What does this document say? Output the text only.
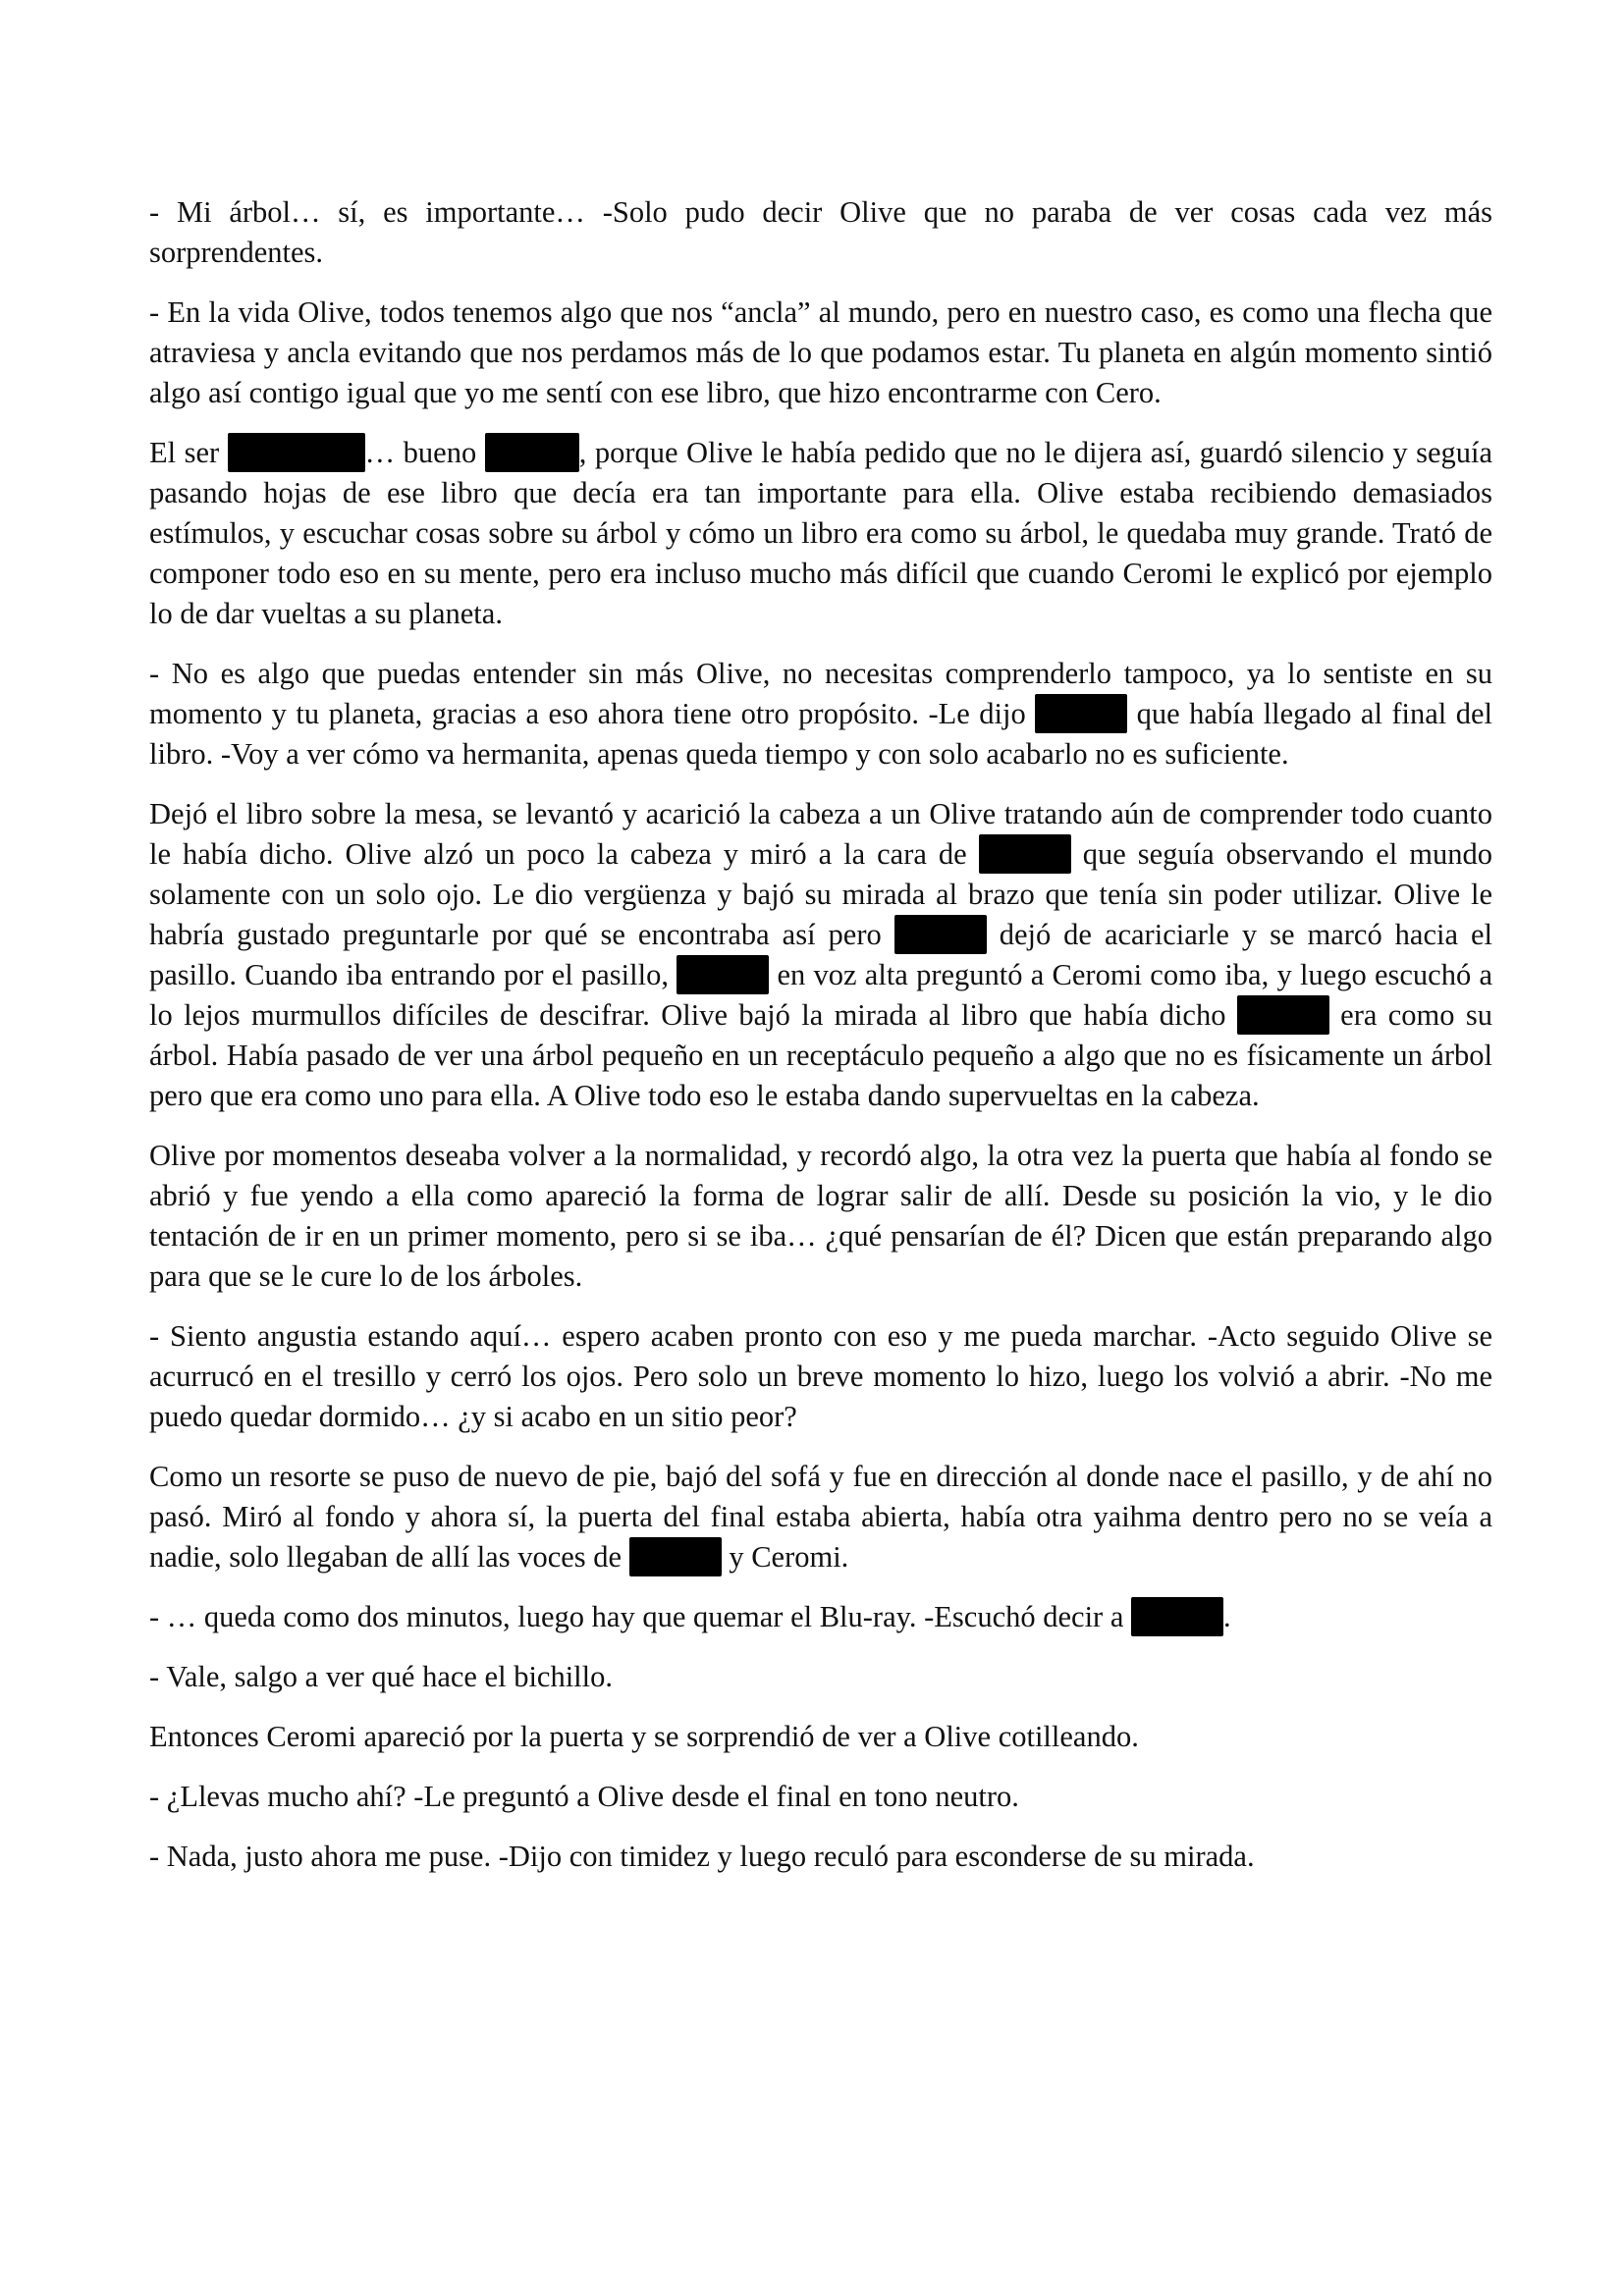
- Mi árbol… sí, es importante… -Solo pudo decir Olive que no paraba de ver cosas cada vez más sorprendentes.

- En la vida Olive, todos tenemos algo que nos “ancla” al mundo, pero en nuestro caso, es como una flecha que atraviesa y ancla evitando que nos perdamos más de lo que podamos estar. Tu planeta en algún momento sintió algo así contigo igual que yo me sentí con ese libro, que hizo encontrarme con Cero.

El ser	… bueno	, porque Olive le había pedido que no le dijera así, guardó silencio y seguía pasando hojas de ese libro que decía era tan importante para ella. Olive estaba recibiendo demasiados estímulos, y escuchar cosas sobre su árbol y cómo un libro era como su árbol, le quedaba muy grande. Trató de componer todo eso en su mente, pero era incluso mucho más difícil que cuando Ceromi le explicó por ejemplo lo de dar vueltas a su planeta.

- No es algo que puedas entender sin más Olive, no necesitas comprenderlo tampoco, ya lo sentiste en su momento y tu planeta, gracias a eso ahora tiene otro propósito. -Le dijo	que había llegado al final del libro. -Voy a ver cómo va hermanita, apenas queda tiempo y con solo acabarlo no es suficiente.

Dejó el libro sobre la mesa, se levantó y acarició la cabeza a un Olive tratando aún de comprender todo cuanto le había dicho. Olive alzó un poco la cabeza y miró a la cara de	que seguía observando el mundo solamente con un solo ojo. Le dio vergüenza y bajó su mirada al brazo que tenía sin poder utilizar. Olive le habría gustado preguntarle por qué se encontraba así pero	dejó de acariciarle y se marcó hacia el pasillo. Cuando iba entrando por el pasillo,	en voz alta preguntó a Ceromi como iba, y luego escuchó a lo lejos murmullos difíciles de descifrar. Olive bajó la mirada al libro que había dicho	era como su árbol. Había pasado de ver una árbol pequeño en un receptáculo pequeño a algo que no es físicamente un árbol pero que era como uno para ella. A Olive todo eso le estaba dando supervueltas en la cabeza.

Olive por momentos deseaba volver a la normalidad, y recordó algo, la otra vez la puerta que había al fondo se abrió y fue yendo a ella como apareció la forma de lograr salir de allí. Desde su posición la vio, y le dio tentación de ir en un primer momento, pero si se iba… ¿qué pensarían de él? Dicen que están preparando algo para que se le cure lo de los árboles.

- Siento angustia estando aquí… espero acaben pronto con eso y me pueda marchar. -Acto seguido Olive se acurrucó en el tresillo y cerró los ojos. Pero solo un breve momento lo hizo, luego los volvió a abrir. -No me puedo quedar dormido… ¿y si acabo en un sitio peor?

Como un resorte se puso de nuevo de pie, bajó del sofá y fue en dirección al donde nace el pasillo, y de ahí no pasó. Miró al fondo y ahora sí, la puerta del final estaba abierta, había otra yaihma dentro pero no se veía a nadie, solo llegaban de allí las voces de	y Ceromi.

- … queda como dos minutos, luego hay que quemar el Blu-ray. -Escuchó decir a	.

- Vale, salgo a ver qué hace el bichillo.

Entonces Ceromi apareció por la puerta y se sorprendió de ver a Olive cotilleando.

- ¿Llevas mucho ahí? -Le preguntó a Olive desde el final en tono neutro.

- Nada, justo ahora me puse. -Dijo con timidez y luego reculó para esconderse de su mirada.
